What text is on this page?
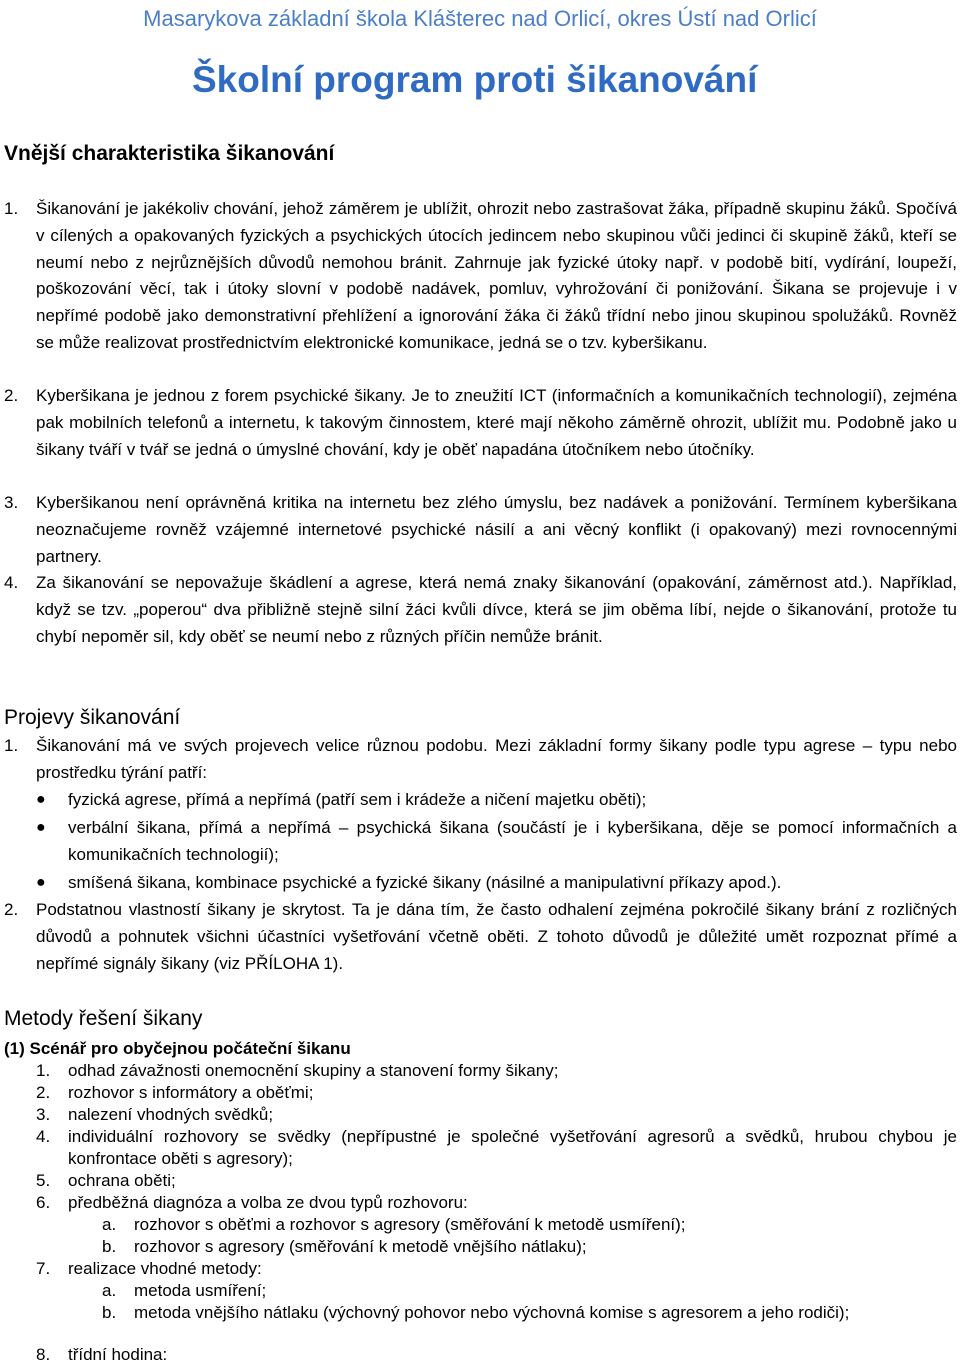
Masarykova základní škola Klášterec nad Orlicí, okres Ústí nad Orlicí
Školní program proti šikanování
Vnější charakteristika šikanování
1. Šikanování je jakékoliv chování, jehož záměrem je ublížit, ohrozit nebo zastrašovat žáka, případně skupinu žáků. Spočívá v cílených a opakovaných fyzických a psychických útocích jedincem nebo skupinou vůči jedinci či skupině žáků, kteří se neumí nebo z nejrůznějších důvodů nemohou bránit. Zahrnuje jak fyzické útoky např. v podobě bití, vydírání, loupeží, poškozování věcí, tak i útoky slovní v podobě nadávek, pomluv, vyhrožování či ponižování. Šikana se projevuje i v nepřímé podobě jako demonstrativní přehlížení a ignorování žáka či žáků třídní nebo jinou skupinou spolužáků. Rovněž se může realizovat prostřednictvím elektronické komunikace, jedná se o tzv. kyberšikanu.
2. Kyberšikana je jednou z forem psychické šikany. Je to zneužití ICT (informačních a komunikačních technologií), zejména pak mobilních telefonů a internetu, k takovým činnostem, které mají někoho záměrně ohrozit, ublížit mu. Podobně jako u šikany tváří v tvář se jedná o úmyslné chování, kdy je oběť napadána útočníkem nebo útočníky.
3. Kyberšikanou není oprávněná kritika na internetu bez zlého úmyslu, bez nadávek a ponižování. Termínem kyberšikana neoznačujeme rovněž vzájemné internetové psychické násilí a ani věcný konflikt (i opakovaný) mezi rovnocennými partnery.
4. Za šikanování se nepovažuje škádlení a agrese, která nemá znaky šikanování (opakování, záměrnost atd.). Například, když se tzv. „poperou“ dva přibližně stejně silní žáci kvůli dívce, která se jim oběma líbí, nejde o šikanování, protože tu chybí nepoměr sil, kdy oběť se neumí nebo z různých příčin nemůže bránit.
Projevy šikanování
1. Šikanování má ve svých projevech velice různou podobu. Mezi základní formy šikany podle typu agrese – typu nebo prostředku týrání patří:
● fyzická agrese, přímá a nepřímá (patří sem i krádeže a ničení majetku oběti);
● verbální šikana, přímá a nepřímá – psychická šikana (součástí je i kyberšikana, děje se pomocí informačních a komunikačních technologií);
● smíšená šikana, kombinace psychické a fyzické šikany (násilné a manipulativní příkazy apod.).
2. Podstatnou vlastností šikany je skrytost. Ta je dána tím, že často odhalení zejména pokročilé šikany brání z rozličných důvodů a pohnutek všichni účastníci vyšetřování včetně oběti. Z tohoto důvodů je důležité umět rozpoznat přímé a nepřímé signály šikany (viz PŘÍLOHA 1).
Metody řešení šikany
(1) Scénář pro obyčejnou počáteční šikanu
1. odhad závažnosti onemocnění skupiny a stanovení formy šikany;
2. rozhovor s informátory a oběťmi;
3. nalezení vhodných svědků;
4. individuální rozhovory se svědky (nepřípustné je společné vyšetřování agresorů a svědků, hrubou chybou je konfrontace oběti s agresory);
5. ochrana oběti;
6. předběžná diagnóza a volba ze dvou typů rozhovoru:
a. rozhovor s oběťmi a rozhovor s agresory (směřování k metodě usmíření);
b. rozhovor s agresory (směřování k metodě vnějšího nátlaku);
7. realizace vhodné metody:
a. metoda usmíření;
b. metoda vnějšího nátlaku (výchovný pohovor nebo výchovná komise s agresorem a jeho rodiči);
8. třídní hodina:
